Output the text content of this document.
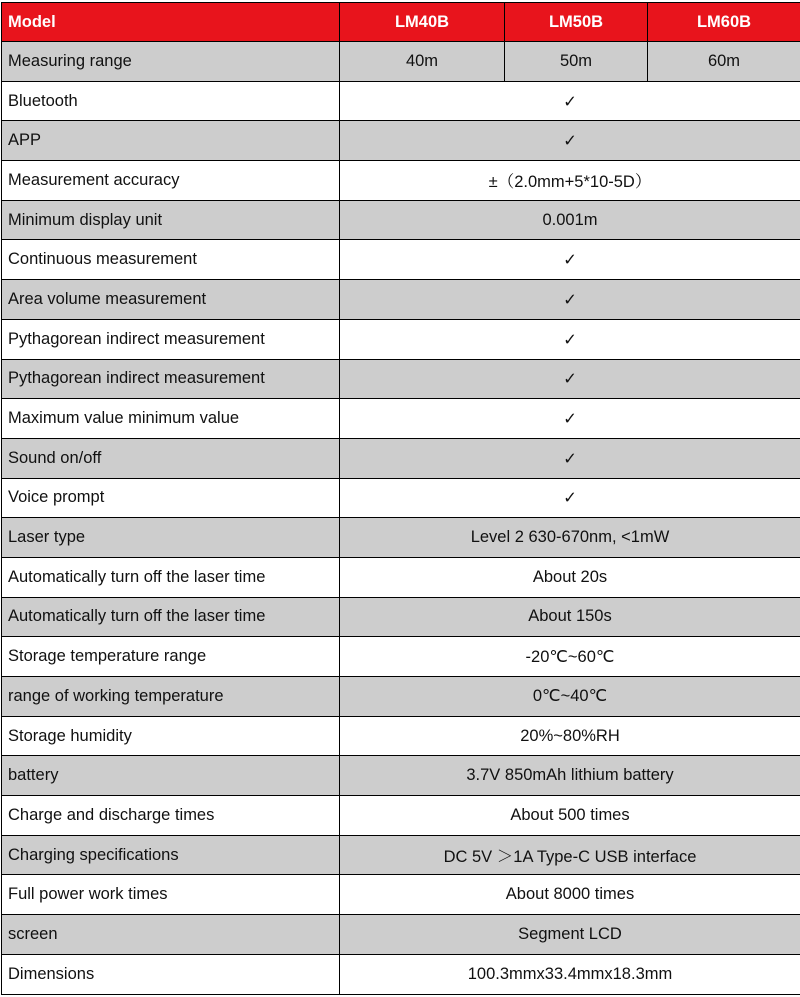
Model	LM40B	LM50B	LM60B
Measuring range	40m	50m	60m
Bluetooth	✓		
APP	✓		
Measurement accuracy	±（2.0mm+5*10-5D）		
Minimum display unit	0.001m		
Continuous measurement	✓		
Area volume measurement	✓		
Pythagorean indirect measurement	✓		
Pythagorean indirect measurement	✓		
Maximum value minimum value	✓		
Sound on/off	✓		
Voice prompt	✓		
Laser type	Level 2 630-670nm, <1mW		
Automatically turn off the laser time	About 20s		
Automatically turn off the laser time	About 150s		
Storage temperature range	-20℃~60℃		
range of working temperature	0℃~40℃		
Storage humidity	20%~80%RH		
battery	3.7V 850mAh lithium battery		
Charge and discharge times	About 500 times		
Charging specifications	DC 5V ＞1A Type-C USB interface		
Full power work times	About 8000 times		
screen	Segment LCD		
Dimensions	100.3mmx33.4mmx18.3mm		
